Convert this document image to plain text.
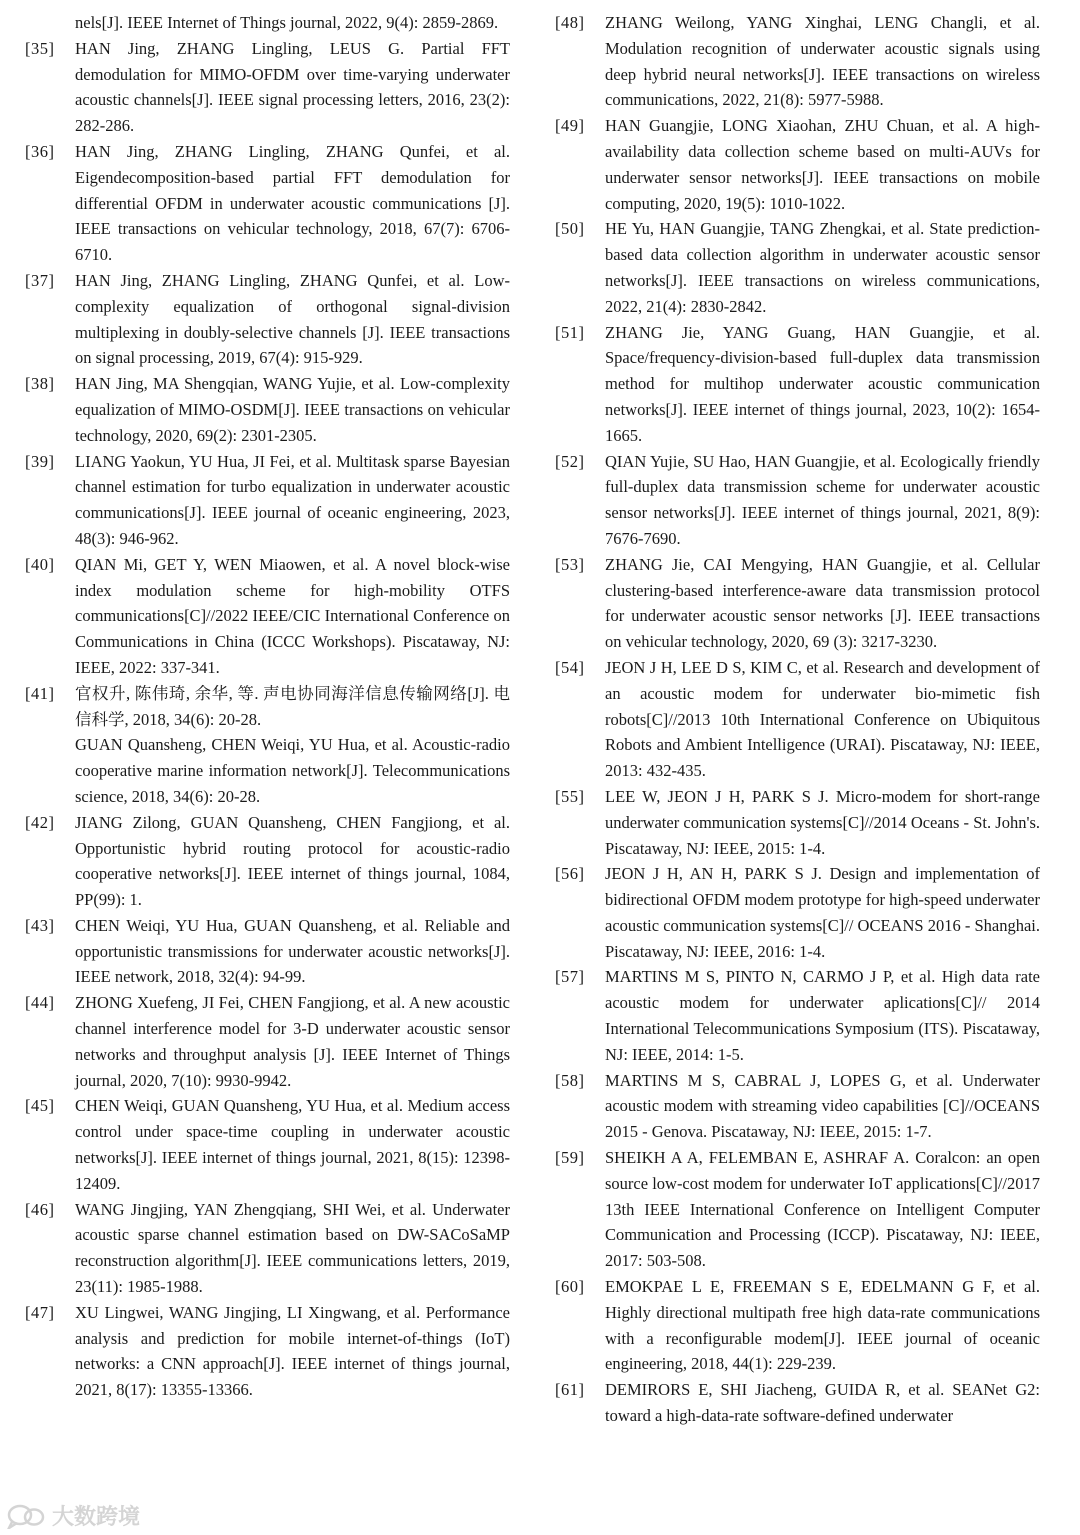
nels[J]. IEEE Internet of Things journal, 2022, 9(4): 2859-2869.
[35]	HAN Jing, ZHANG Lingling, LEUS G. Partial FFT demodulation for MIMO-OFDM over time-varying underwater acoustic channels[J]. IEEE signal processing letters, 2016, 23(2): 282-286.
[36]	HAN Jing, ZHANG Lingling, ZHANG Qunfei, et al. Eigendecomposition-based partial FFT demodulation for differential OFDM in underwater acoustic communications [J]. IEEE transactions on vehicular technology, 2018, 67(7): 6706-6710.
[37]	HAN Jing, ZHANG Lingling, ZHANG Qunfei, et al. Low-complexity equalization of orthogonal signal-division multiplexing in doubly-selective channels [J]. IEEE transactions on signal processing, 2019, 67(4): 915-929.
[38]	HAN Jing, MA Shengqian, WANG Yujie, et al. Low-complexity equalization of MIMO-OSDM[J]. IEEE transactions on vehicular technology, 2020, 69(2): 2301-2305.
[39]	LIANG Yaokun, YU Hua, JI Fei, et al. Multitask sparse Bayesian channel estimation for turbo equalization in underwater acoustic communications[J]. IEEE journal of oceanic engineering, 2023, 48(3): 946-962.
[40]	QIAN Mi, GET Y, WEN Miaowen, et al. A novel block-wise index modulation scheme for high-mobility OTFS communications[C]//2022 IEEE/CIC International Conference on Communications in China (ICCC Workshops). Piscataway, NJ: IEEE, 2022: 337-341.
[41]	官权升, 陈伟琦, 余华, 等. 声电协同海洋信息传输网络[J]. 电信科学, 2018, 34(6): 20-28.
GUAN Quansheng, CHEN Weiqi, YU Hua, et al. Acoustic-radio cooperative marine information network[J]. Telecommunications science, 2018, 34(6): 20-28.
[42]	JIANG Zilong, GUAN Quansheng, CHEN Fangjiong, et al. Opportunistic hybrid routing protocol for acoustic-radio cooperative networks[J]. IEEE internet of things journal, 1084, PP(99): 1.
[43]	CHEN Weiqi, YU Hua, GUAN Quansheng, et al. Reliable and opportunistic transmissions for underwater acoustic networks[J]. IEEE network, 2018, 32(4): 94-99.
[44]	ZHONG Xuefeng, JI Fei, CHEN Fangjiong, et al. A new acoustic channel interference model for 3-D underwater acoustic sensor networks and throughput analysis [J]. IEEE Internet of Things journal, 2020, 7(10): 9930-9942.
[45]	CHEN Weiqi, GUAN Quansheng, YU Hua, et al. Medium access control under space-time coupling in underwater acoustic networks[J]. IEEE internet of things journal, 2021, 8(15): 12398-12409.
[46]	WANG Jingjing, YAN Zhengqiang, SHI Wei, et al. Underwater acoustic sparse channel estimation based on DW-SACoSaMP reconstruction algorithm[J]. IEEE communications letters, 2019, 23(11): 1985-1988.
[47]	XU Lingwei, WANG Jingjing, LI Xingwang, et al. Performance analysis and prediction for mobile internet-of-things (IoT) networks: a CNN approach[J]. IEEE internet of things journal, 2021, 8(17): 13355-13366.
[48]	ZHANG Weilong, YANG Xinghai, LENG Changli, et al. Modulation recognition of underwater acoustic signals using deep hybrid neural networks[J]. IEEE transactions on wireless communications, 2022, 21(8): 5977-5988.
[49]	HAN Guangjie, LONG Xiaohan, ZHU Chuan, et al. A high-availability data collection scheme based on multi-AUVs for underwater sensor networks[J]. IEEE transactions on mobile computing, 2020, 19(5): 1010-1022.
[50]	HE Yu, HAN Guangjie, TANG Zhengkai, et al. State prediction-based data collection algorithm in underwater acoustic sensor networks[J]. IEEE transactions on wireless communications, 2022, 21(4): 2830-2842.
[51]	ZHANG Jie, YANG Guang, HAN Guangjie, et al. Space/frequency-division-based full-duplex data transmission method for multihop underwater acoustic communication networks[J]. IEEE internet of things journal, 2023, 10(2): 1654-1665.
[52]	QIAN Yujie, SU Hao, HAN Guangjie, et al. Ecologically friendly full-duplex data transmission scheme for underwater acoustic sensor networks[J]. IEEE internet of things journal, 2021, 8(9): 7676-7690.
[53]	ZHANG Jie, CAI Mengying, HAN Guangjie, et al. Cellular clustering-based interference-aware data transmission protocol for underwater acoustic sensor networks [J]. IEEE transactions on vehicular technology, 2020, 69 (3): 3217-3230.
[54]	JEON J H, LEE D S, KIM C, et al. Research and development of an acoustic modem for underwater bio-mimetic fish robots[C]//2013 10th International Conference on Ubiquitous Robots and Ambient Intelligence (URAI). Piscataway, NJ: IEEE, 2013: 432-435.
[55]	LEE W, JEON J H, PARK S J. Micro-modem for short-range underwater communication systems[C]//2014 Oceans - St. John's. Piscataway, NJ: IEEE, 2015: 1-4.
[56]	JEON J H, AN H, PARK S J. Design and implementation of bidirectional OFDM modem prototype for high-speed underwater acoustic communication systems[C]// OCEANS 2016 - Shanghai. Piscataway, NJ: IEEE, 2016: 1-4.
[57]	MARTINS M S, PINTO N, CARMO J P, et al. High data rate acoustic modem for underwater aplications[C]// 2014 International Telecommunications Symposium (ITS). Piscataway, NJ: IEEE, 2014: 1-5.
[58]	MARTINS M S, CABRAL J, LOPES G, et al. Underwater acoustic modem with streaming video capabilities [C]//OCEANS 2015 - Genova. Piscataway, NJ: IEEE, 2015: 1-7.
[59]	SHEIKH A A, FELEMBAN E, ASHRAF A. Coralcon: an open source low-cost modem for underwater IoT applications[C]//2017 13th IEEE International Conference on Intelligent Computer Communication and Processing (ICCP). Piscataway, NJ: IEEE, 2017: 503-508.
[60]	EMOKPAE L E, FREEMAN S E, EDELMANN G F, et al. Highly directional multipath free high data-rate communications with a reconfigurable modem[J]. IEEE journal of oceanic engineering, 2018, 44(1): 229-239.
[61]	DEMIRORS E, SHI Jiacheng, GUIDA R, et al. SEANet G2: toward a high-data-rate software-defined underwater
大数跨境
